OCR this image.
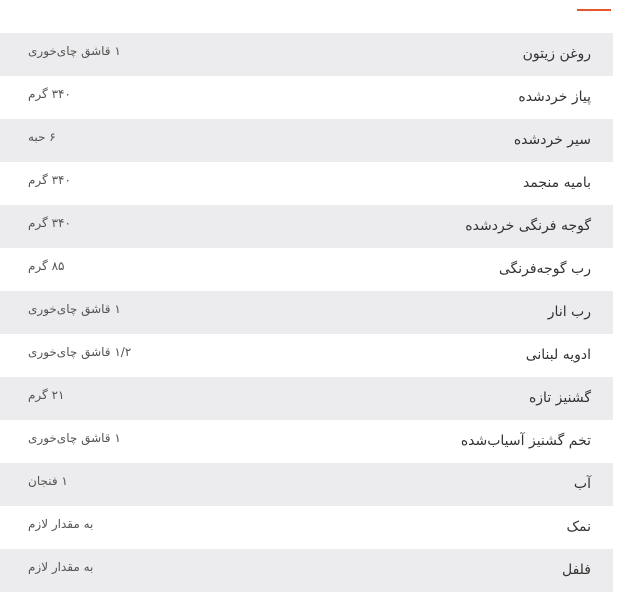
۱ قاشق چای‌خوری	روغن زیتون
۳۴۰ گرم	پیاز خردشده
۶ حبه	سیر خردشده
۳۴۰ گرم	بامیه منجمد
۳۴۰ گرم	گوجه فرنگی خردشده
۸۵ گرم	رب گوجه‌فرنگی
۱ قاشق چای‌خوری	رب انار
۱/۲ قاشق چای‌خوری	ادویه لبنانی
۲۱ گرم	گشنیز تازه
۱ قاشق چای‌خوری	تخم گشنیز آسیاب‌شده
۱ فنجان	آب
به مقدار لازم	نمک
به مقدار لازم	فلفل
